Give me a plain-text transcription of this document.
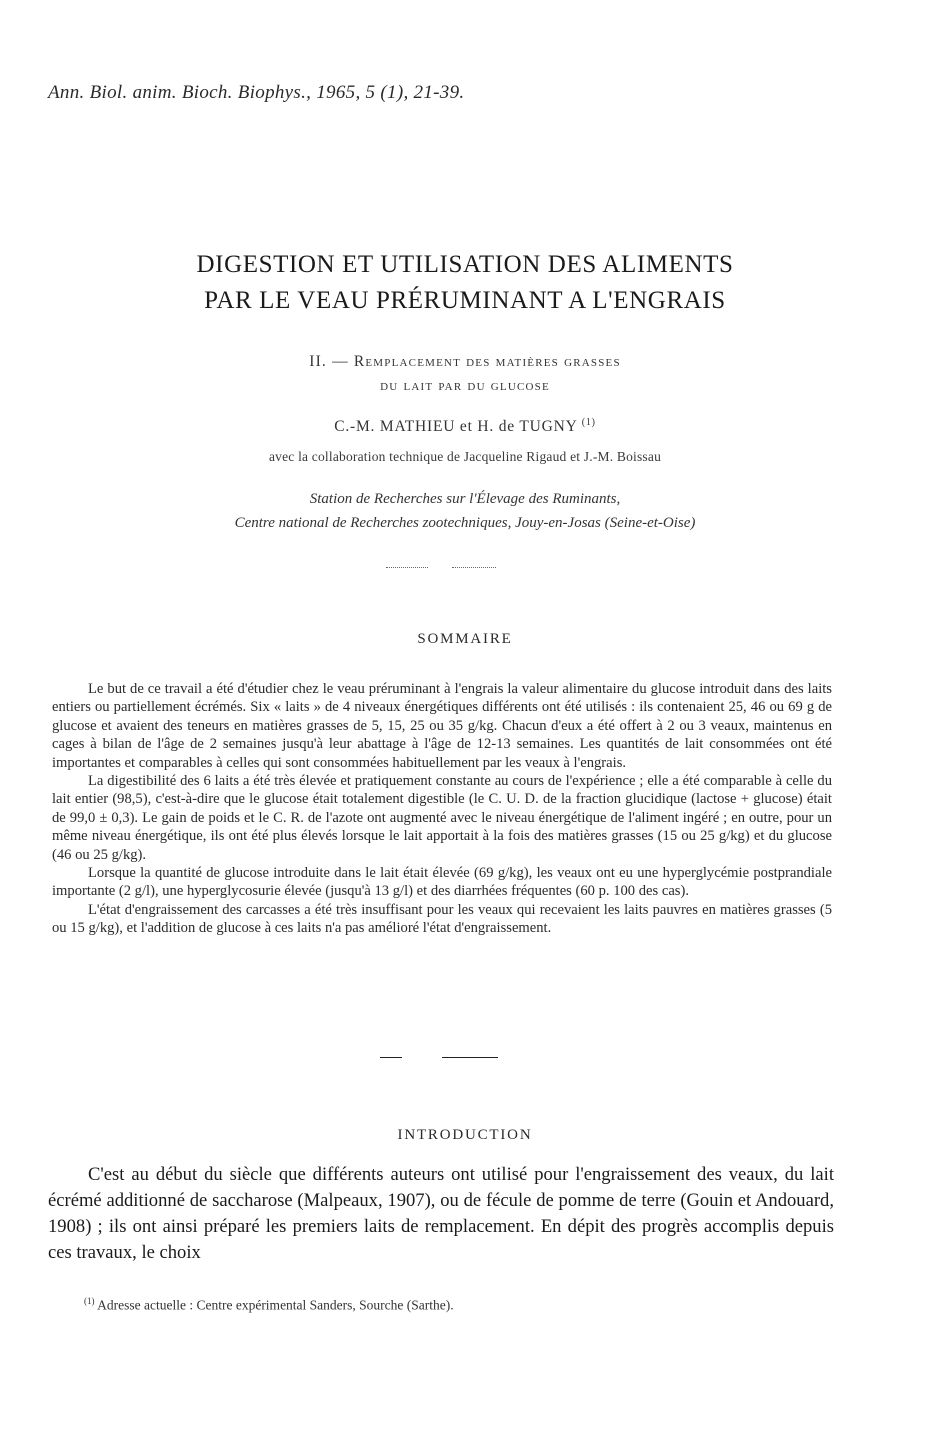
Ann. Biol. anim. Bioch. Biophys., 1965, 5 (1), 21-39.
DIGESTION ET UTILISATION DES ALIMENTS
PAR LE VEAU PRÉRUMINANT A L'ENGRAIS
II. — Remplacement des matières grasses
du lait par du glucose
C.-M. MATHIEU et H. de TUGNY $^{(1)}$
avec la collaboration technique de Jacqueline Rigaud et J.-M. Boissau
Station de Recherches sur l'Élevage des Ruminants,
Centre national de Recherches zootechniques, Jouy-en-Josas (Seine-et-Oise)
SOMMAIRE

Le but de ce travail a été d'étudier chez le veau préruminant à l'engrais la valeur alimentaire du glucose introduit dans des laits entiers ou partiellement écrémés. Six « laits » de 4 niveaux énergétiques différents ont été utilisés : ils contenaient 25, 46 ou 69 g de glucose et avaient des teneurs en matières grasses de 5, 15, 25 ou 35 g/kg. Chacun d'eux a été offert à 2 ou 3 veaux, maintenus en cages à bilan de l'âge de 2 semaines jusqu'à leur abattage à l'âge de 12-13 semaines. Les quantités de lait consommées ont été importantes et comparables à celles qui sont consommées habituellement par les veaux à l'engrais.

La digestibilité des 6 laits a été très élevée et pratiquement constante au cours de l'expérience ; elle a été comparable à celle du lait entier (98,5), c'est-à-dire que le glucose était totalement digestible (le C. U. D. de la fraction glucidique (lactose + glucose) était de 99,0 ± 0,3). Le gain de poids et le C. R. de l'azote ont augmenté avec le niveau énergétique de l'aliment ingéré ; en outre, pour un même niveau énergétique, ils ont été plus élevés lorsque le lait apportait à la fois des matières grasses (15 ou 25 g/kg) et du glucose (46 ou 25 g/kg).

Lorsque la quantité de glucose introduite dans le lait était élevée (69 g/kg), les veaux ont eu une hyperglycémie postprandiale importante (2 g/l), une hyperglycosurie élevée (jusqu'à 13 g/l) et des diarrhées fréquentes (60 p. 100 des cas).

L'état d'engraissement des carcasses a été très insuffisant pour les veaux qui recevaient les laits pauvres en matières grasses (5 ou 15 g/kg), et l'addition de glucose à ces laits n'a pas amélioré l'état d'engraissement.

INTRODUCTION

C'est au début du siècle que différents auteurs ont utilisé pour l'engraissement des veaux, du lait écrémé additionné de saccharose (Malpeaux, 1907), ou de fécule de pomme de terre (Gouin et Andouard, 1908) ; ils ont ainsi préparé les premiers laits de remplacement. En dépit des progrès accomplis depuis ces travaux, le choix

$^{(1)}$ Adresse actuelle : Centre expérimental Sanders, Sourche (Sarthe).
